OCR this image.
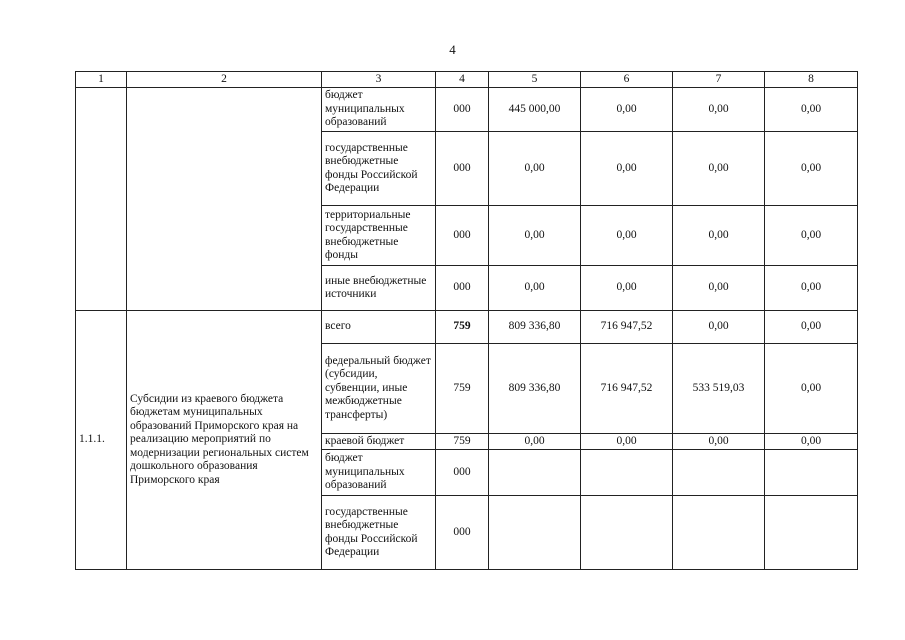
4
1	2	3	4	5	6	7	8
		бюджет муниципальных образований	000	445 000,00	0,00	0,00	0,00
		государственные внебюджетные фонды Российской Федерации	000	0,00	0,00	0,00	0,00
		территориальные государственные внебюджетные фонды	000	0,00	0,00	0,00	0,00
		иные внебюджетные источники	000	0,00	0,00	0,00	0,00
1.1.1.	Субсидии из краевого бюджета бюджетам муниципальных образований Приморского края на реализацию мероприятий по модернизации региональных систем дошкольного образования Приморского края	всего	759	809 336,80	716 947,52	0,00	0,00
		федеральный бюджет (субсидии, субвенции, иные межбюджетные трансферты)	759	809 336,80	716 947,52	533 519,03	0,00
		краевой бюджет	759	0,00	0,00	0,00	0,00
		бюджет муниципальных образований	000				
		государственные внебюджетные фонды Российской Федерации	000				
